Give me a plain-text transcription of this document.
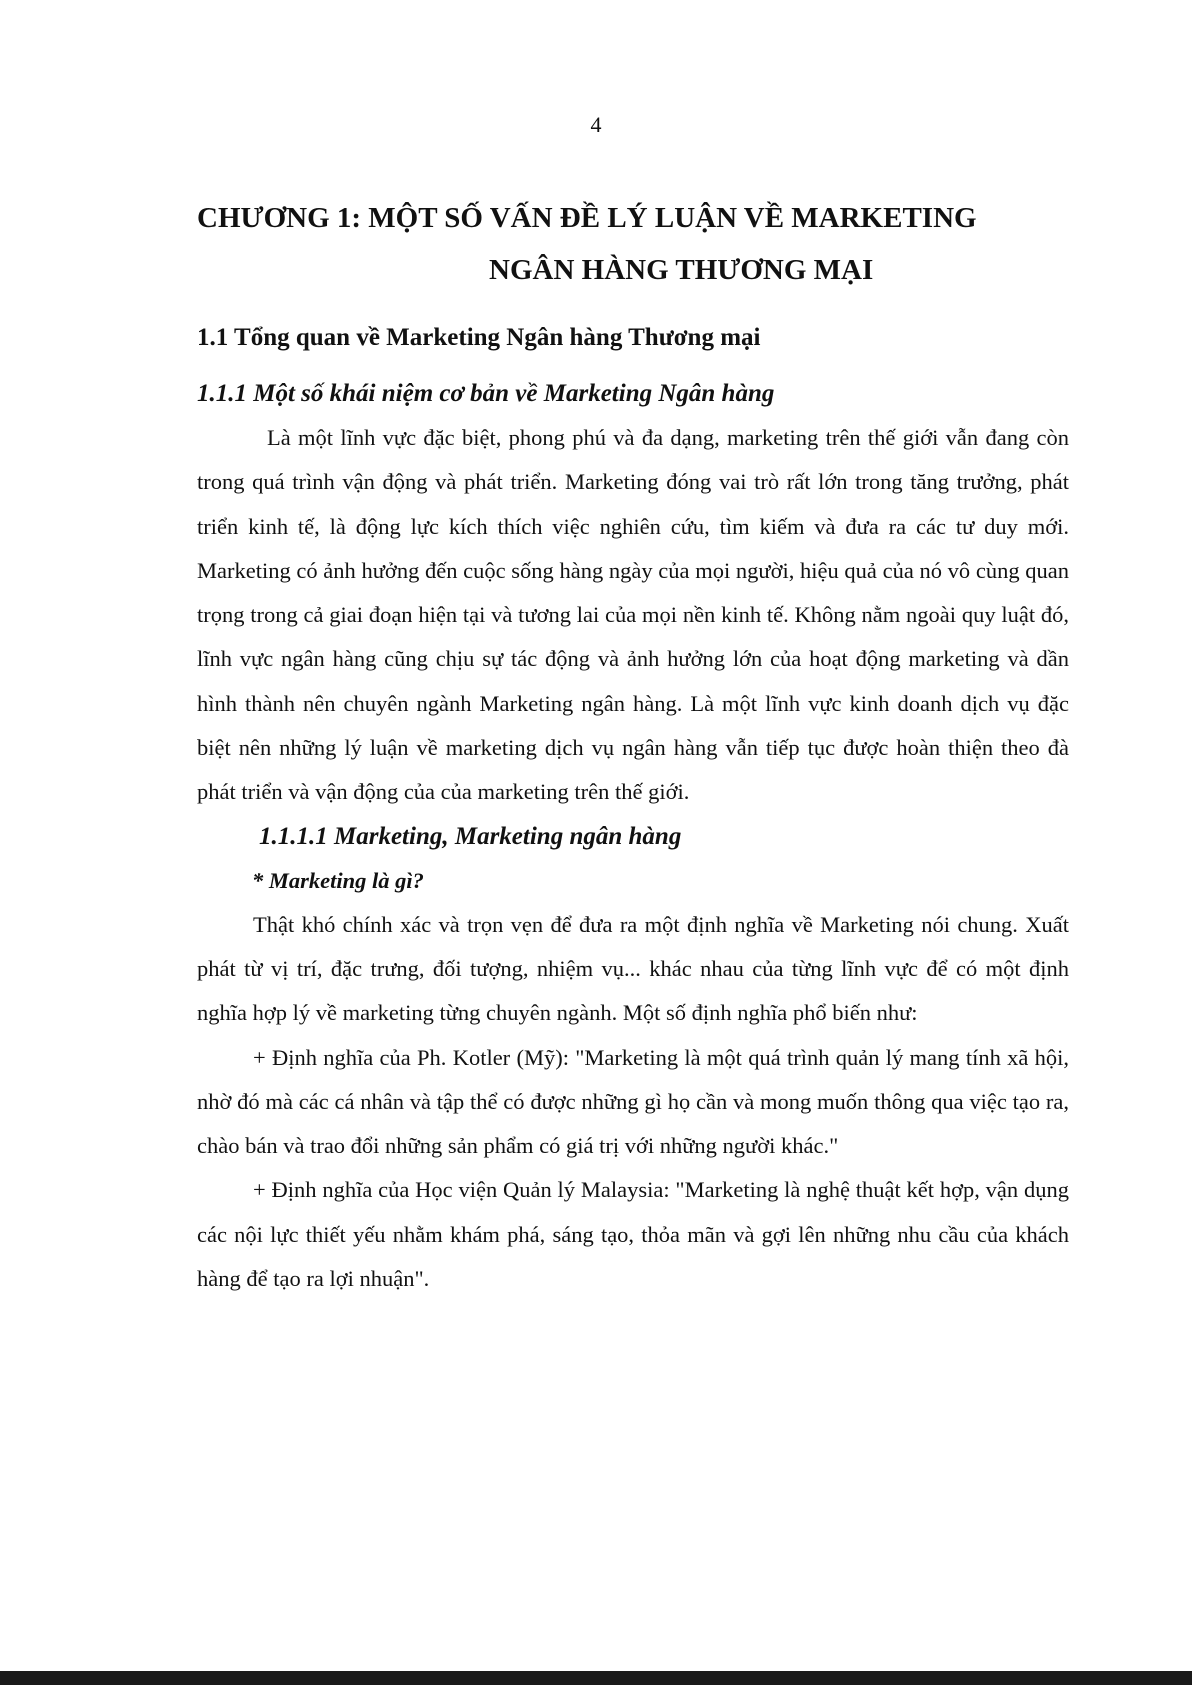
4
CHƯƠNG 1: MỘT SỐ VẤN ĐỀ LÝ LUẬN VỀ MARKETING
NGÂN HÀNG THƯƠNG MẠI
1.1 Tổng quan về Marketing Ngân hàng Thương mại
1.1.1 Một số khái niệm cơ bản về Marketing Ngân hàng

Là một lĩnh vực đặc biệt, phong phú và đa dạng, marketing trên thế giới vẫn đang còn trong quá trình vận động và phát triển. Marketing đóng vai trò rất lớn trong tăng trưởng, phát triển kinh tế, là động lực kích thích việc nghiên cứu, tìm kiếm và đưa ra các tư duy mới. Marketing có ảnh hưởng đến cuộc sống hàng ngày của mọi người, hiệu quả của nó vô cùng quan trọng trong cả giai đoạn hiện tại và tương lai của mọi nền kinh tế. Không nằm ngoài quy luật đó, lĩnh vực ngân hàng cũng chịu sự tác động và ảnh hưởng lớn của hoạt động marketing và dần hình thành nên chuyên ngành Marketing ngân hàng. Là một lĩnh vực kinh doanh dịch vụ đặc biệt nên những lý luận về marketing dịch vụ ngân hàng vẫn tiếp tục được hoàn thiện theo đà phát triển và vận động của của marketing trên thế giới.

1.1.1.1 Marketing, Marketing ngân hàng
* Marketing là gì?

Thật khó chính xác và trọn vẹn để đưa ra một định nghĩa về Marketing nói chung. Xuất phát từ vị trí, đặc trưng, đối tượng, nhiệm vụ... khác nhau của từng lĩnh vực để có một định nghĩa hợp lý về marketing từng chuyên ngành. Một số định nghĩa phổ biến như:

+ Định nghĩa của Ph. Kotler (Mỹ): "Marketing là một quá trình quản lý mang tính xã hội, nhờ đó mà các cá nhân và tập thể có được những gì họ cần và mong muốn thông qua việc tạo ra, chào bán và trao đổi những sản phẩm có giá trị với những người khác."

+ Định nghĩa của Học viện Quản lý Malaysia: "Marketing là nghệ thuật kết hợp, vận dụng các nội lực thiết yếu nhằm khám phá, sáng tạo, thỏa mãn và gợi lên những nhu cầu của khách hàng để tạo ra lợi nhuận".
